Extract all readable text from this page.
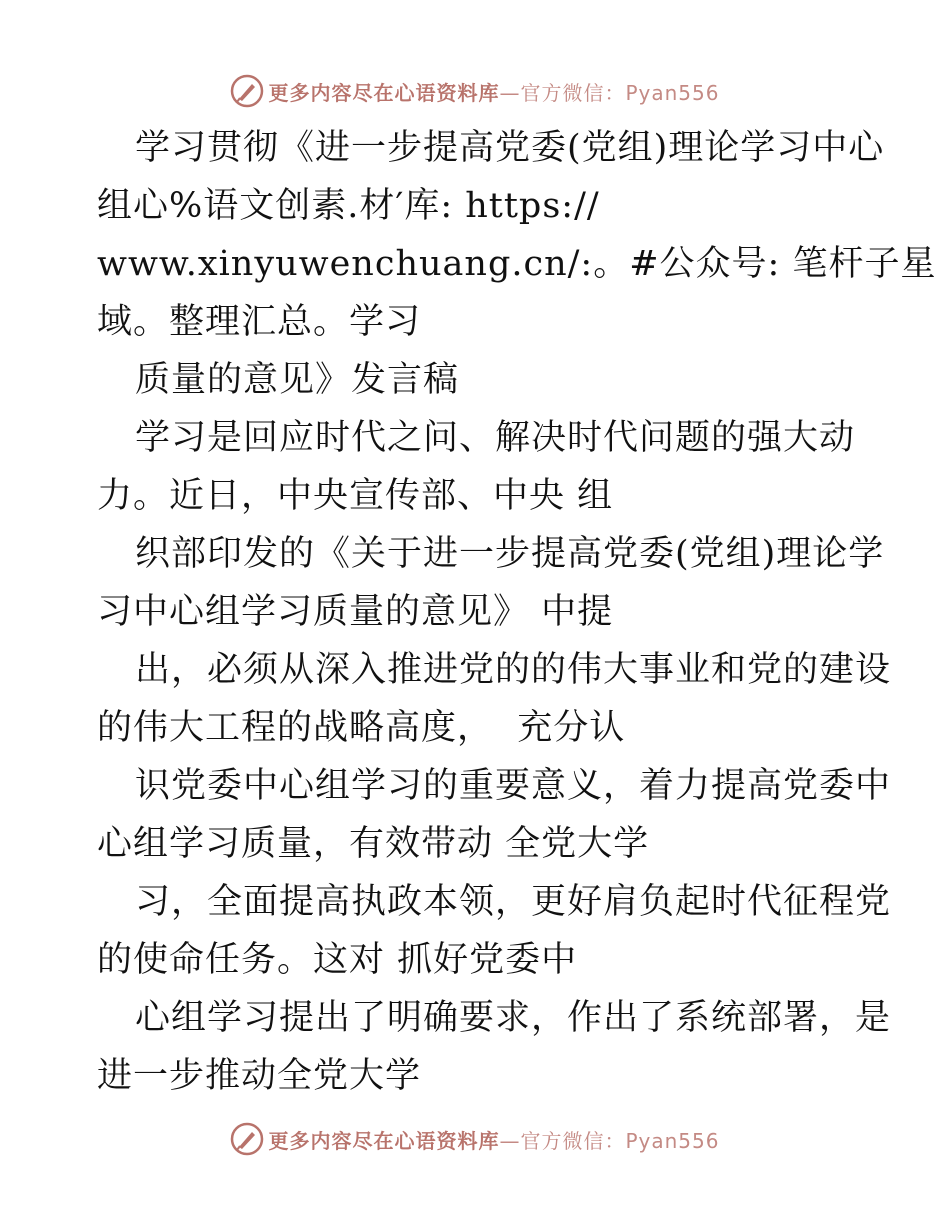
更多内容尽在心语资料库—官方微信：Pyan556
学习贯彻《进一步提高党委(党组)理论学习中心
组心%语文创素.材′库: https://
www.xinyuwenchuang.cn/:。#公众号: 笔杆子星
域。整理汇总。学习
质量的意见》发言稿
学习是回应时代之问、解决时代问题的强大动
力。近日，中央宣传部、中央 组
织部印发的《关于进一步提高党委(党组)理论学
习中心组学习质量的意见》 中提
出，必须从深入推进党的的伟大事业和党的建设
的伟大工程的战略高度，  充分认
识党委中心组学习的重要意义，着力提高党委中
心组学习质量，有效带动 全党大学
习，全面提高执政本领，更好肩负起时代征程党
的使命任务。这对 抓好党委中
心组学习提出了明确要求，作出了系统部署，是
进一步推动全党大学
更多内容尽在心语资料库—官方微信：Pyan556
